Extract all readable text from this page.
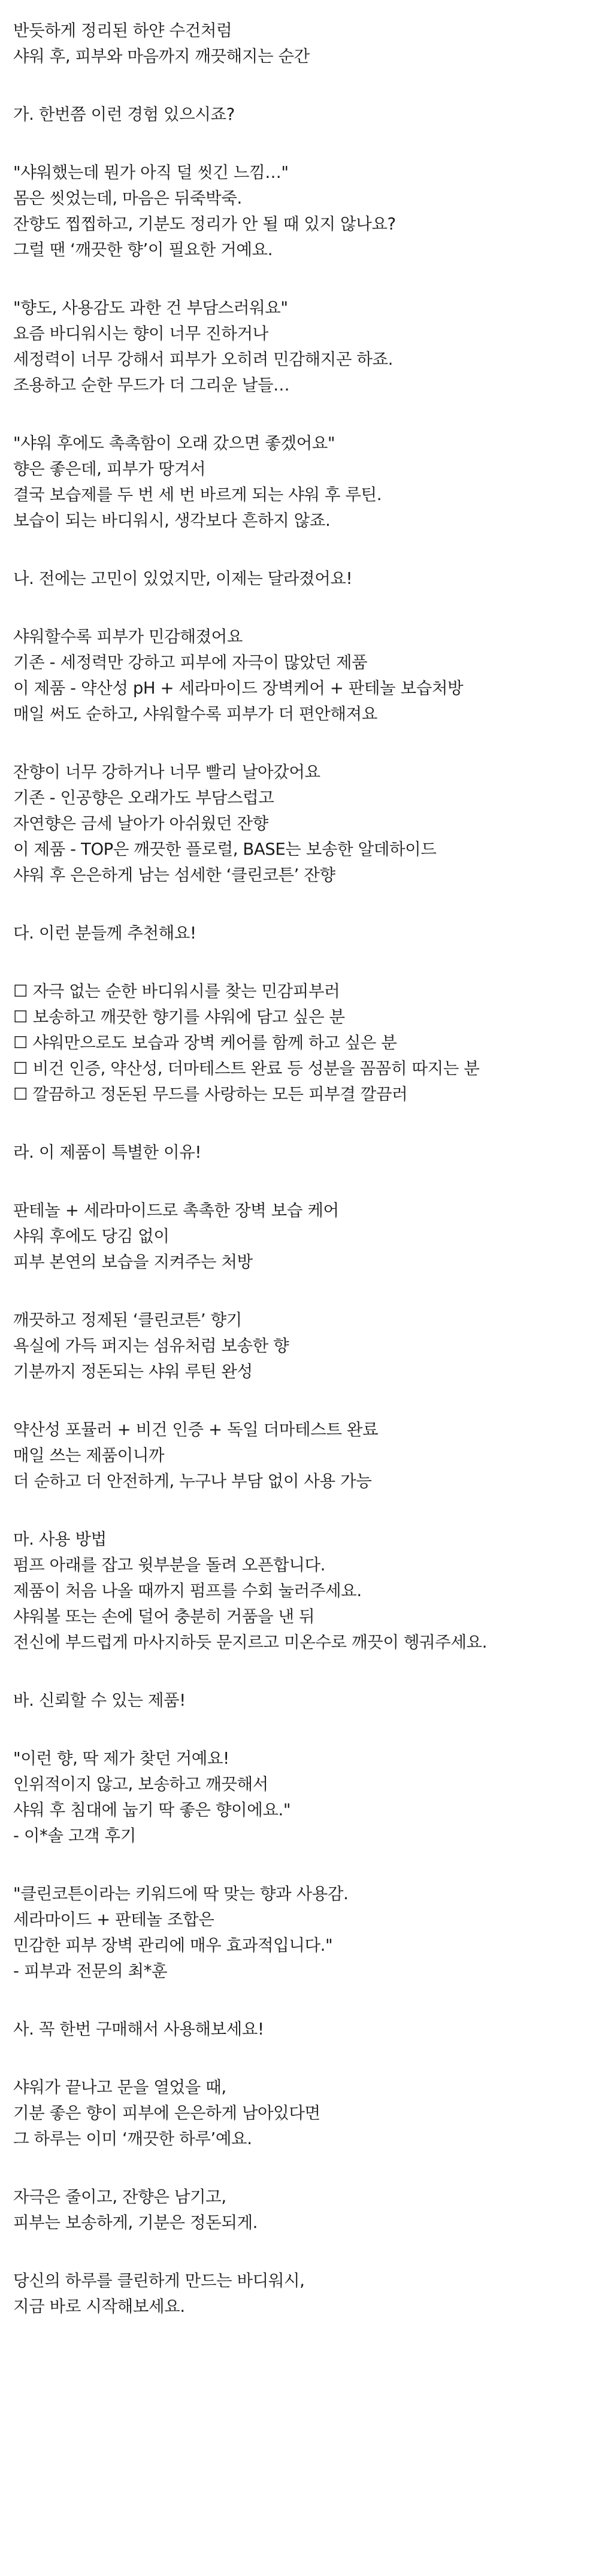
반듯하게 정리된 하얀 수건처럼
샤워 후, 피부와 마음까지 깨끗해지는 순간
가. 한번쯤 이런 경험 있으시죠?
"샤워했는데 뭔가 아직 덜 씻긴 느낌…"
몸은 씻었는데, 마음은 뒤죽박죽.
잔향도 찝찝하고, 기분도 정리가 안 될 때 있지 않나요?
그럴 땐 ‘깨끗한 향’이 필요한 거예요.
"향도, 사용감도 과한 건 부담스러워요"
요즘 바디워시는 향이 너무 진하거나
세정력이 너무 강해서 피부가 오히려 민감해지곤 하죠.
조용하고 순한 무드가 더 그리운 날들…
"샤워 후에도 촉촉함이 오래 갔으면 좋겠어요"
향은 좋은데, 피부가 땅겨서
결국 보습제를 두 번 세 번 바르게 되는 샤워 후 루틴.
보습이 되는 바디워시, 생각보다 흔하지 않죠.
나. 전에는 고민이 있었지만, 이제는 달라졌어요!
샤워할수록 피부가 민감해졌어요
기존 - 세정력만 강하고 피부에 자극이 많았던 제품
이 제품 - 약산성 pH + 세라마이드 장벽케어 + 판테놀 보습처방
매일 써도 순하고, 샤워할수록 피부가 더 편안해져요
잔향이 너무 강하거나 너무 빨리 날아갔어요
기존 - 인공향은 오래가도 부담스럽고
자연향은 금세 날아가 아쉬웠던 잔향
이 제품 - TOP은 깨끗한 플로럴, BASE는 보송한 알데하이드
샤워 후 은은하게 남는 섬세한 ‘클린코튼’ 잔향
다. 이런 분들께 추천해요!
☐ 자극 없는 순한 바디워시를 찾는 민감피부러
☐ 보송하고 깨끗한 향기를 샤워에 담고 싶은 분
☐ 샤워만으로도 보습과 장벽 케어를 함께 하고 싶은 분
☐ 비건 인증, 약산성, 더마테스트 완료 등 성분을 꼼꼼히 따지는 분
☐ 깔끔하고 정돈된 무드를 사랑하는 모든 피부결 깔끔러
라. 이 제품이 특별한 이유!
판테놀 + 세라마이드로 촉촉한 장벽 보습 케어
샤워 후에도 당김 없이
피부 본연의 보습을 지켜주는 처방
깨끗하고 정제된 ‘클린코튼’ 향기
욕실에 가득 퍼지는 섬유처럼 보송한 향
기분까지 정돈되는 샤워 루틴 완성
약산성 포뮬러 + 비건 인증 + 독일 더마테스트 완료
매일 쓰는 제품이니까
더 순하고 더 안전하게, 누구나 부담 없이 사용 가능
마. 사용 방법
펌프 아래를 잡고 윗부분을 돌려 오픈합니다.
제품이 처음 나올 때까지 펌프를 수회 눌러주세요.
샤워볼 또는 손에 덜어 충분히 거품을 낸 뒤
전신에 부드럽게 마사지하듯 문지르고 미온수로 깨끗이 헹궈주세요.
바. 신뢰할 수 있는 제품!
"이런 향, 딱 제가 찾던 거예요!
인위적이지 않고, 보송하고 깨끗해서
샤워 후 침대에 눕기 딱 좋은 향이에요."
- 이*솔 고객 후기
"클린코튼이라는 키워드에 딱 맞는 향과 사용감.
세라마이드 + 판테놀 조합은
민감한 피부 장벽 관리에 매우 효과적입니다."
- 피부과 전문의 최*훈
사. 꼭 한번 구매해서 사용해보세요!
샤워가 끝나고 문을 열었을 때,
기분 좋은 향이 피부에 은은하게 남아있다면
그 하루는 이미 ‘깨끗한 하루’예요.
자극은 줄이고, 잔향은 남기고,
피부는 보송하게, 기분은 정돈되게.
당신의 하루를 클린하게 만드는 바디워시,
지금 바로 시작해보세요.
